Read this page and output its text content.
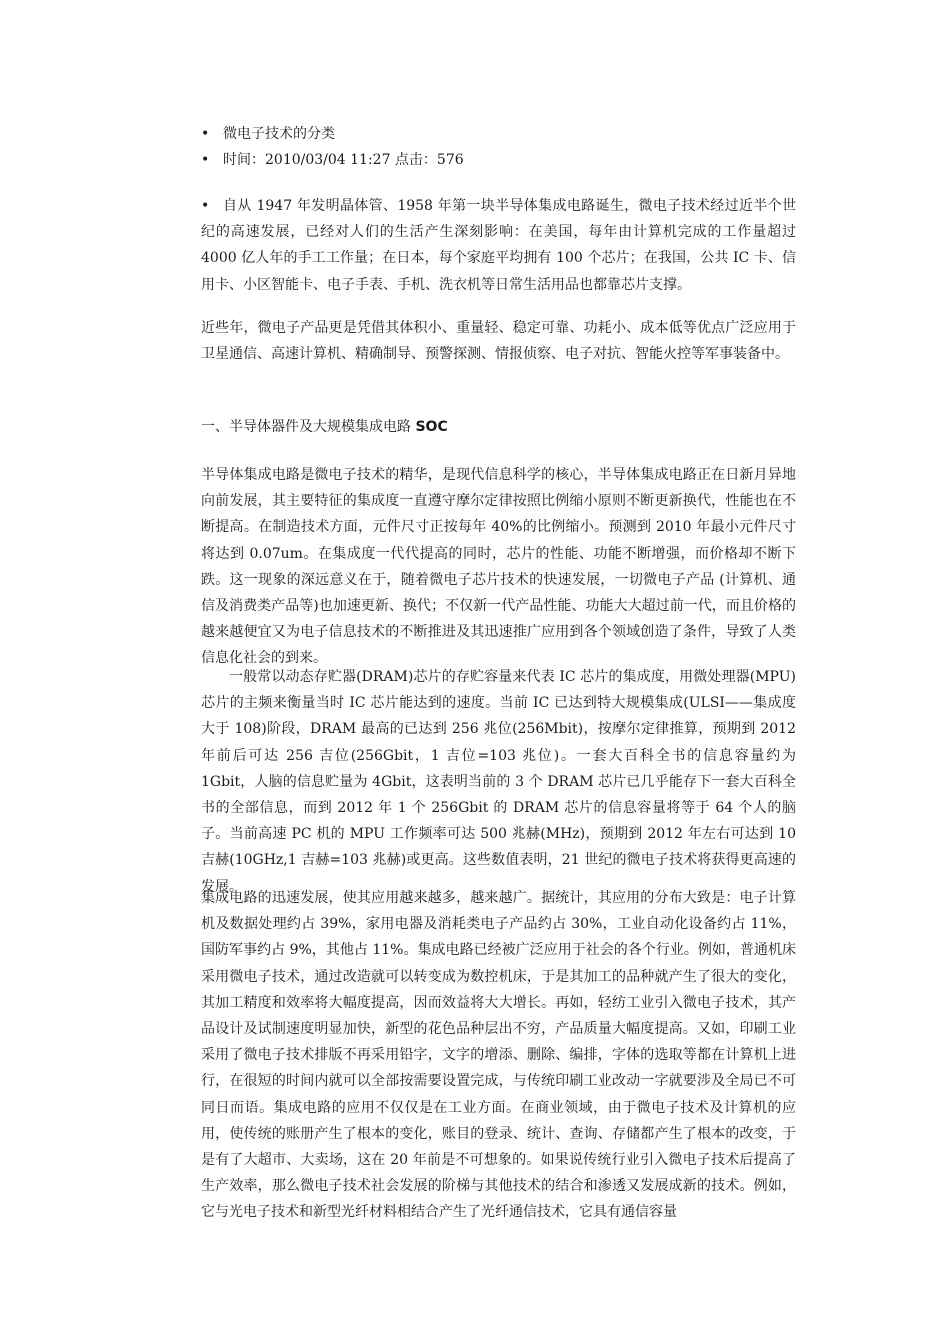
• 微电子技术的分类
• 时间：2010/03/04 11:27 点击：576
• 自从 1947 年发明晶体管、1958 年第一块半导体集成电路诞生，微电子技术经过近半个世纪的高速发展，已经对人们的生活产生深刻影响：在美国，每年由计算机完成的工作量超过 4000 亿人年的手工工作量；在日本，每个家庭平均拥有 100 个芯片；在我国，公共 IC 卡、信用卡、小区智能卡、电子手表、手机、洗衣机等日常生活用品也都靠芯片支撑。
近些年，微电子产品更是凭借其体积小、重量轻、稳定可靠、功耗小、成本低等优点广泛应用于卫星通信、高速计算机、精确制导、预警探测、情报侦察、电子对抗、智能火控等军事装备中。
一、半导体器件及大规模集成电路 SOC
半导体集成电路是微电子技术的精华，是现代信息科学的核心，半导体集成电路正在日新月异地向前发展，其主要特征的集成度一直遵守摩尔定律按照比例缩小原则不断更新换代，性能也在不断提高。在制造技术方面，元件尺寸正按每年 40%的比例缩小。预测到 2010 年最小元件尺寸将达到 0.07um。在集成度一代代提高的同时，芯片的性能、功能不断增强，而价格却不断下跌。这一现象的深远意义在于，随着微电子芯片技术的快速发展，一切微电子产品 (计算机、通信及消费类产品等)也加速更新、换代；不仅新一代产品性能、功能大大超过前一代，而且价格的越来越便宜又为电子信息技术的不断推进及其迅速推广应用到各个领域创造了条件，导致了人类信息化社会的到来。
一般常以动态存贮器(DRAM)芯片的存贮容量来代表 IC 芯片的集成度，用微处理器(MPU)芯片的主频来衡量当时 IC 芯片能达到的速度。当前 IC 已达到特大规模集成(ULSI——集成度大于 108)阶段，DRAM 最高的已达到 256 兆位(256Mbit)，按摩尔定律推算，预期到 2012 年前后可达 256 吉位(256Gbit，1 吉位=103 兆位)。一套大百科全书的信息容量约为 1Gbit，人脑的信息贮量为 4Gbit，这表明当前的 3 个 DRAM 芯片已几乎能存下一套大百科全书的全部信息，而到 2012 年 1 个 256Gbit 的 DRAM 芯片的信息容量将等于 64 个人的脑子。当前高速 PC 机的 MPU 工作频率可达 500 兆赫(MHz)，预期到 2012 年左右可达到 10 吉赫(10GHz,1 吉赫=103 兆赫)或更高。这些数值表明，21 世纪的微电子技术将获得更高速的发展。
集成电路的迅速发展，使其应用越来越多，越来越广。据统计，其应用的分布大致是：电子计算机及数据处理约占 39%，家用电器及消耗类电子产品约占 30%，工业自动化设备约占 11%，国防军事约占 9%，其他占 11%。集成电路已经被广泛应用于社会的各个行业。例如，普通机床采用微电子技术，通过改造就可以转变成为数控机床，于是其加工的品种就产生了很大的变化，其加工精度和效率将大幅度提高，因而效益将大大增长。再如，轻纺工业引入微电子技术，其产品设计及试制速度明显加快，新型的花色品种层出不穷，产品质量大幅度提高。又如，印刷工业采用了微电子技术排版不再采用铅字，文字的增添、删除、编排，字体的选取等都在计算机上进行，在很短的时间内就可以全部按需要设置完成，与传统印刷工业改动一字就要涉及全局已不可同日而语。集成电路的应用不仅仅是在工业方面。在商业领域，由于微电子技术及计算机的应用，使传统的账册产生了根本的变化，账目的登录、统计、查询、存储都产生了根本的改变，于是有了大超市、大卖场，这在 20 年前是不可想象的。如果说传统行业引入微电子技术后提高了生产效率，那么微电子技术社会发展的阶梯与其他技术的结合和渗透又发展成新的技术。例如，它与光电子技术和新型光纤材料相结合产生了光纤通信技术，它具有通信容量
